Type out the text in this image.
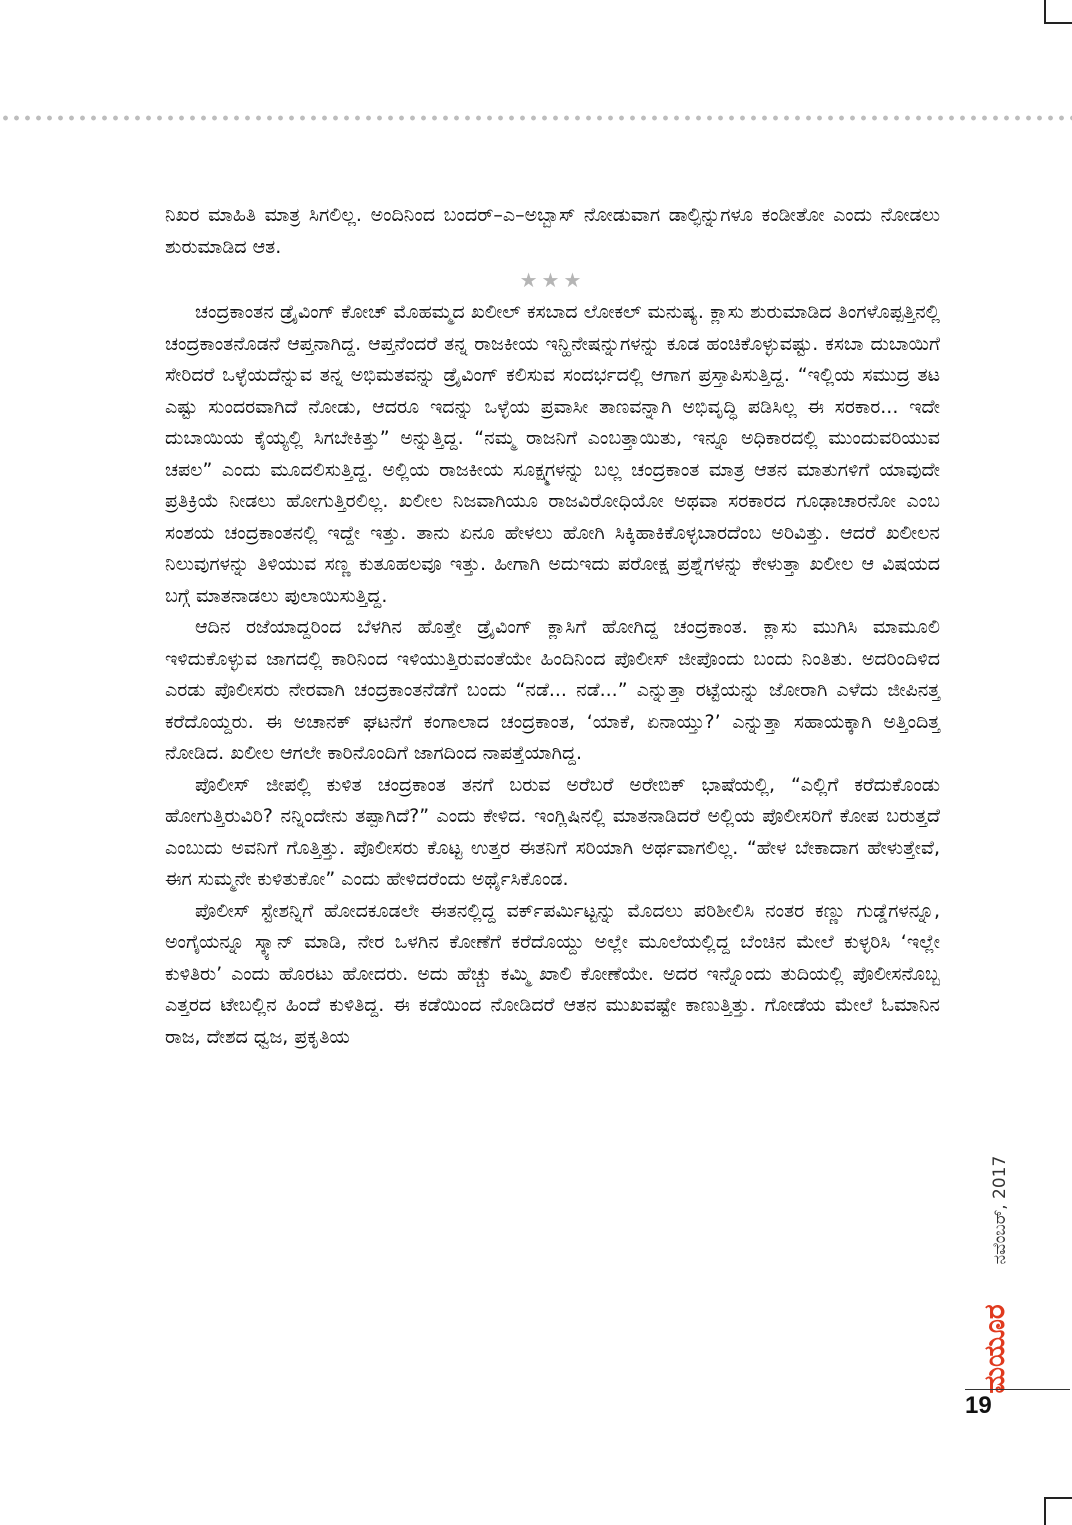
ನಿಖರ ಮಾಹಿತಿ ಮಾತ್ರ ಸಿಗಲಿಲ್ಲ. ಅಂದಿನಿಂದ ಬಂದರ್–ಎ–ಅಬ್ಬಾಸ್ ನೋಡುವಾಗ ಡಾಲ್ಫಿನ್ನುಗಳೂ ಕಂಡೀತೋ ಎಂದು ನೋಡಲು ಶುರುಮಾಡಿದ ಆತ.

★★★

ಚಂದ್ರಕಾಂತನ ಡ್ರೈವಿಂಗ್ ಕೋಚ್ ಮೊಹಮ್ಮದ ಖಲೀಲ್ ಕಸಬಾದ ಲೋಕಲ್ ಮನುಷ್ಯ. ಕ್ಲಾಸು ಶುರುಮಾಡಿದ ತಿಂಗಳೊಪ್ಪತ್ತಿನಲ್ಲಿ ಚಂದ್ರಕಾಂತನೊಡನೆ ಆಪ್ತನಾಗಿದ್ದ. ಆಪ್ತನೆಂದರೆ ತನ್ನ ರಾಜಕೀಯ ಇನ್ಹಿನೇಷನ್ನುಗಳನ್ನು ಕೂಡ ಹಂಚಿಕೊಳ್ಳುವಷ್ಟು. ಕಸಬಾ ದುಬಾಯಿಗೆ ಸೇರಿದರೆ ಒಳ್ಳೆಯದೆನ್ನುವ ತನ್ನ ಅಭಿಮತವನ್ನು ಡ್ರೈವಿಂಗ್ ಕಲಿಸುವ ಸಂದರ್ಭದಲ್ಲಿ ಆಗಾಗ ಪ್ರಸ್ತಾಪಿಸುತ್ತಿದ್ದ. “ಇಲ್ಲಿಯ ಸಮುದ್ರ ತಟ ಎಷ್ಟು ಸುಂದರವಾಗಿದೆ ನೋಡು, ಆದರೂ ಇದನ್ನು ಒಳ್ಳೆಯ ಪ್ರವಾಸೀ ತಾಣವನ್ನಾಗಿ ಅಭಿವೃದ್ಧಿ ಪಡಿಸಿಲ್ಲ ಈ ಸರಕಾರ... ಇದೇ ದುಬಾಯಿಯ ಕೈಯ್ಯಲ್ಲಿ ಸಿಗಬೇಕಿತ್ತು” ಅನ್ನುತ್ತಿದ್ದ. “ನಮ್ಮ ರಾಜನಿಗೆ ಎಂಬತ್ತಾಯಿತು, ಇನ್ನೂ ಅಧಿಕಾರದಲ್ಲಿ ಮುಂದುವರಿಯುವ ಚಪಲ” ಎಂದು ಮೂದಲಿಸುತ್ತಿದ್ದ. ಅಲ್ಲಿಯ ರಾಜಕೀಯ ಸೂಕ್ಷ್ಮಗಳನ್ನು ಬಲ್ಲ ಚಂದ್ರಕಾಂತ ಮಾತ್ರ ಆತನ ಮಾತುಗಳಿಗೆ ಯಾವುದೇ ಪ್ರತಿಕ್ರಿಯೆ ನೀಡಲು ಹೋಗುತ್ತಿರಲಿಲ್ಲ. ಖಲೀಲ ನಿಜವಾಗಿಯೂ ರಾಜವಿರೋಧಿಯೋ ಅಥವಾ ಸರಕಾರದ ಗೂಢಾಚಾರನೋ ಎಂಬ ಸಂಶಯ ಚಂದ್ರಕಾಂತನಲ್ಲಿ ಇದ್ದೇ ಇತ್ತು. ತಾನು ಏನೂ ಹೇಳಲು ಹೋಗಿ ಸಿಕ್ಕಿಹಾಕಿಕೊಳ್ಳಬಾರದೆಂಬ ಅರಿವಿತ್ತು. ಆದರೆ ಖಲೀಲನ ನಿಲುವುಗಳನ್ನು ತಿಳಿಯುವ ಸಣ್ಣ ಕುತೂಹಲವೂ ಇತ್ತು. ಹೀಗಾಗಿ ಅದುಇದು ಪರೋಕ್ಷ ಪ್ರಶ್ನೆಗಳನ್ನು ಕೇಳುತ್ತಾ ಖಲೀಲ ಆ ವಿಷಯದ ಬಗ್ಗೆ ಮಾತನಾಡಲು ಪುಲಾಯಿಸುತ್ತಿದ್ದ.

ಆದಿನ ರಜೆಯಾದ್ದರಿಂದ ಬೆಳಗಿನ ಹೊತ್ತೇ ಡ್ರೈವಿಂಗ್ ಕ್ಲಾಸಿಗೆ ಹೋಗಿದ್ದ ಚಂದ್ರಕಾಂತ. ಕ್ಲಾಸು ಮುಗಿಸಿ ಮಾಮೂಲಿ ಇಳಿದುಕೊಳ್ಳುವ ಜಾಗದಲ್ಲಿ ಕಾರಿನಿಂದ ಇಳಿಯುತ್ತಿರುವಂತೆಯೇ ಹಿಂದಿನಿಂದ ಪೊಲೀಸ್ ಜೀಪೊಂದು ಬಂದು ನಿಂತಿತು. ಅದರಿಂದಿಳಿದ ಎರಡು ಪೊಲೀಸರು ನೇರವಾಗಿ ಚಂದ್ರಕಾಂತನೆಡೆಗೆ ಬಂದು “ನಡೆ... ನಡೆ...” ಎನ್ನುತ್ತಾ ರಟ್ಟೆಯನ್ನು ಜೋರಾಗಿ ಎಳೆದು ಜೀಪಿನತ್ತ ಕರೆದೊಯ್ದರು. ಈ ಅಚಾನಕ್ ಘಟನೆಗೆ ಕಂಗಾಲಾದ ಚಂದ್ರಕಾಂತ, ‘ಯಾಕೆ, ಏನಾಯ್ತು?’ ಎನ್ನುತ್ತಾ ಸಹಾಯಕ್ಕಾಗಿ ಅತ್ತಿಂದಿತ್ತ ನೋಡಿದ. ಖಲೀಲ ಆಗಲೇ ಕಾರಿನೊಂದಿಗೆ ಜಾಗದಿಂದ ನಾಪತ್ತೆಯಾಗಿದ್ದ.

ಪೊಲೀಸ್ ಜೀಪಲ್ಲಿ ಕುಳಿತ ಚಂದ್ರಕಾಂತ ತನಗೆ ಬರುವ ಅರೆಬರೆ ಅರೇಬಿಕ್ ಭಾಷೆಯಲ್ಲಿ, “ಎಲ್ಲಿಗೆ ಕರೆದುಕೊಂಡು ಹೋಗುತ್ತಿರುವಿರಿ? ನನ್ನಿಂದೇನು ತಪ್ಪಾಗಿದೆ?” ಎಂದು ಕೇಳಿದ. ಇಂಗ್ಲಿಷಿನಲ್ಲಿ ಮಾತನಾಡಿದರೆ ಅಲ್ಲಿಯ ಪೊಲೀಸರಿಗೆ ಕೋಪ ಬರುತ್ತದೆ ಎಂಬುದು ಅವನಿಗೆ ಗೊತ್ತಿತ್ತು. ಪೊಲೀಸರು ಕೊಟ್ಟ ಉತ್ತರ ಈತನಿಗೆ ಸರಿಯಾಗಿ ಅರ್ಥವಾಗಲಿಲ್ಲ. “ಹೇಳ ಬೇಕಾದಾಗ ಹೇಳುತ್ತೇವೆ, ಈಗ ಸುಮ್ಮನೇ ಕುಳಿತುಕೋ” ಎಂದು ಹೇಳಿದರೆಂದು ಅರ್ಥೈಸಿಕೊಂಡ.

ಪೊಲೀಸ್ ಸ್ಟೇಶನ್ನಿಗೆ ಹೋದಕೂಡಲೇ ಈತನಲ್ಲಿದ್ದ ವರ್ಕ್‌ಪರ್ಮಿಟ್ಟನ್ನು ಮೊದಲು ಪರಿಶೀಲಿಸಿ ನಂತರ ಕಣ್ಣು ಗುಡ್ಡೆಗಳನ್ನೂ, ಅಂಗೈಯನ್ನೂ ಸ್ಕ್ಯಾನ್ ಮಾಡಿ, ನೇರ ಒಳಗಿನ ಕೋಣೆಗೆ ಕರೆದೊಯ್ದು ಅಲ್ಲೇ ಮೂಲೆಯಲ್ಲಿದ್ದ ಬೆಂಚಿನ ಮೇಲೆ ಕುಳ್ಳರಿಸಿ ‘ಇಲ್ಲೇ ಕುಳಿತಿರು’ ಎಂದು ಹೊರಟು ಹೋದರು. ಅದು ಹೆಚ್ಚು ಕಮ್ಮಿ ಖಾಲಿ ಕೋಣೆಯೇ. ಅದರ ಇನ್ನೊಂದು ತುದಿಯಲ್ಲಿ ಪೊಲೀಸನೊಬ್ಬ ಎತ್ತರದ ಟೇಬಲ್ಲಿನ ಹಿಂದೆ ಕುಳಿತಿದ್ದ. ಈ ಕಡೆಯಿಂದ ನೋಡಿದರೆ ಆತನ ಮುಖವಷ್ಟೇ ಕಾಣುತ್ತಿತ್ತು. ಗೋಡೆಯ ಮೇಲೆ ಓಮಾನಿನ ರಾಜ, ದೇಶದ ಧ್ವಜ, ಪ್ರಕೃತಿಯ

ನವೆಂಬರ್, 2017
ಮಯೂರ
19
